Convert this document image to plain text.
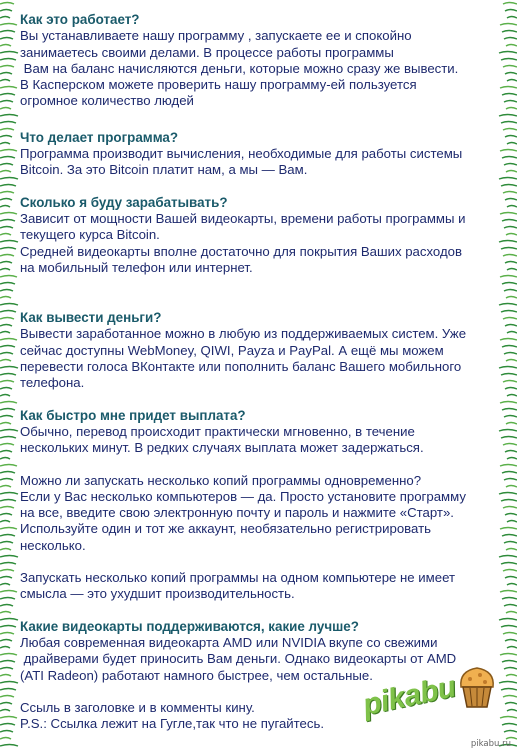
Как это работает?
Вы устанавливаете нашу программу , запускаете ее и спокойно
занимаетесь своими делами. В процессе работы программы
Вам на баланс начисляются деньги, которые можно сразу же вывести.
В Касперском можете проверить нашу программу-ей пользуется
огромное количество людей
Что делает программа?
Программа производит вычисления, необходимые для работы системы
Bitcoin. За это Bitcoin платит нам, а мы — Вам.
Сколько я буду зарабатывать?
Зависит от мощности Вашей видеокарты, времени работы программы и
текущего курса Bitcoin.
Средней видеокарты вполне достаточно для покрытия Ваших расходов
на мобильный телефон или интернет.
Как вывести деньги?
Вывести заработанное можно в любую из поддерживаемых систем. Уже
сейчас доступны WebMoney, QIWI, Payza и PayPal. А ещё мы можем
перевести голоса ВКонтакте или пополнить баланс Вашего мобильного
телефона.
Как быстро мне придет выплата?
Обычно, перевод происходит практически мгновенно, в течение
нескольких минут. В редких случаях выплата может задержаться.
Можно ли запускать несколько копий программы одновременно?
Если у Вас несколько компьютеров — да. Просто установите программу
на все, введите свою электронную почту и пароль и нажмите «Старт».
Используйте один и тот же аккаунт, необязательно регистрировать
несколько.
Запускать несколько копий программы на одном компьютере не имеет
смысла — это ухудшит производительность.
Какие видеокарты поддерживаются, какие лучше?
Любая современная видеокарта AMD или NVIDIA вкупе со свежими
драйверами будет приносить Вам деньги. Однако видеокарты от AMD
(ATI Radeon) работают намного быстрее, чем остальные.
Ссыль в заголовке и в комменты кину.
P.S.: Ссылка лежит на Гугле,так что не пугайтесь.
pikabu
pikabu.ru
